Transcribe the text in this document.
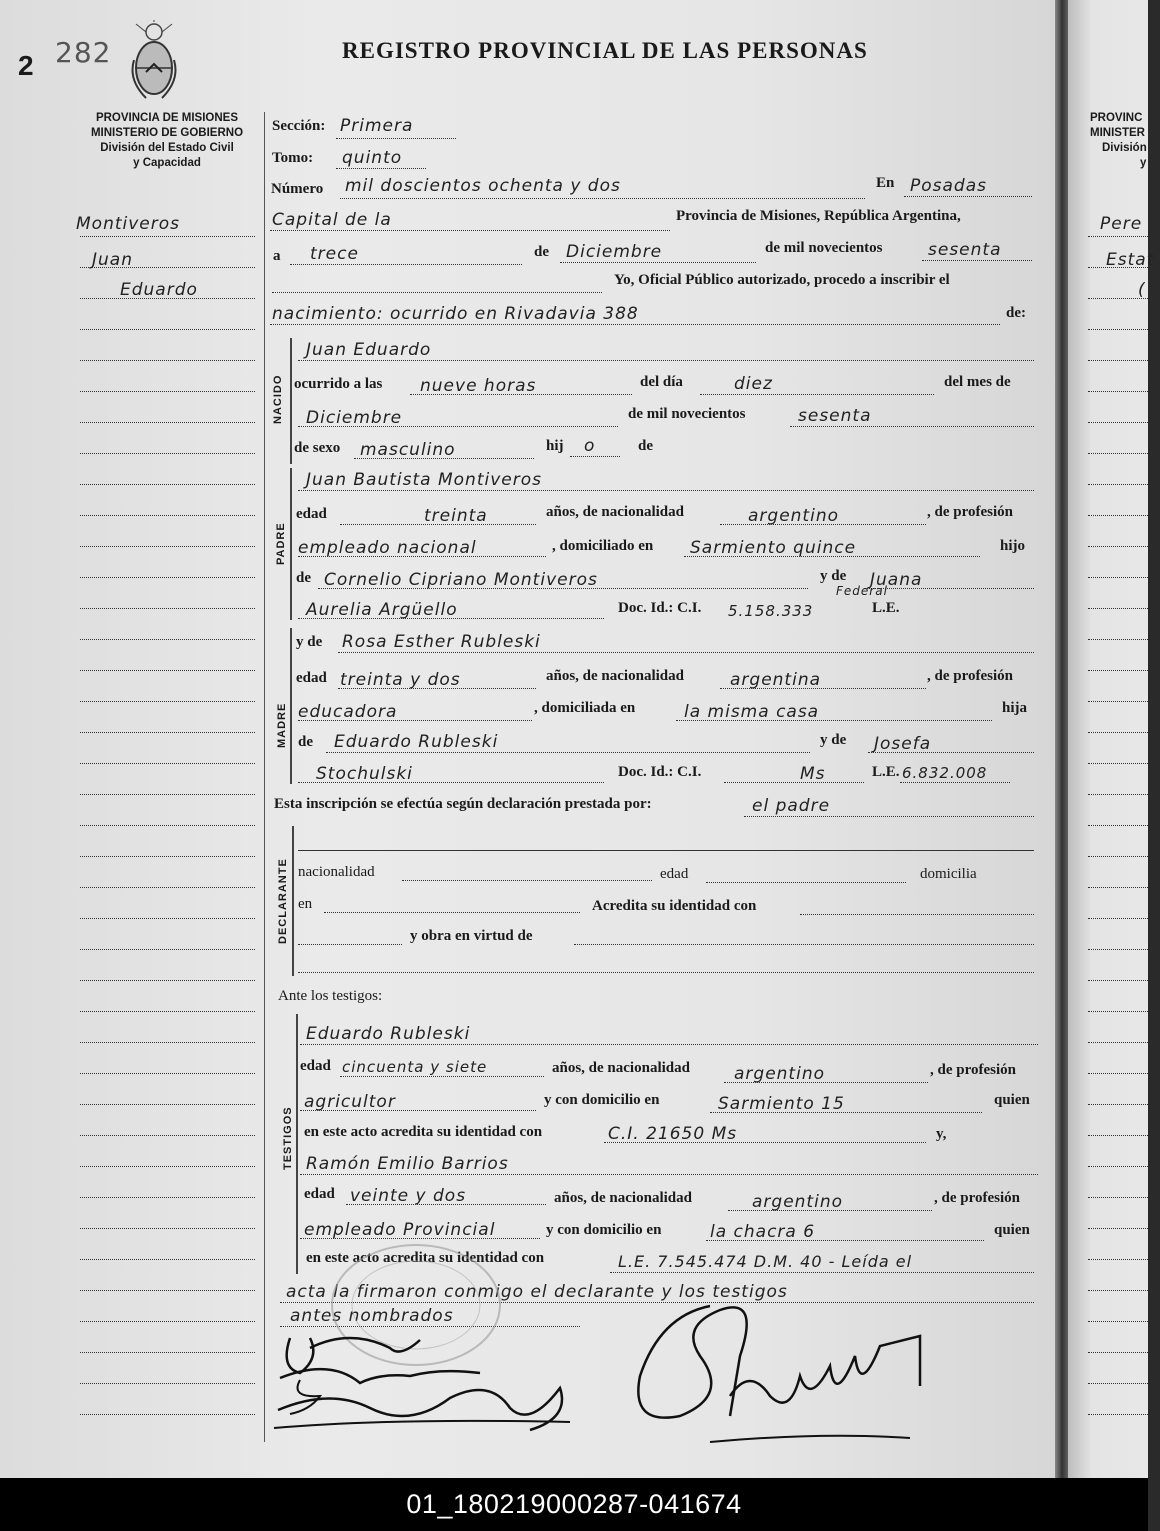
2 282	REGISTRO PROVINCIAL DE LAS PERSONAS
PROVINCIA DE MISIONES
MINISTERIO DE GOBIERNO
División del Estado Civil
y Capacidad
PROVINC
MINISTER
División
y
Montiveros
Juan
Eduardo
Pere
Estat
(
Sección: Primera
Tomo: quinto
Número mil doscientos ochenta y dos	En Posadas
Capital de la	Provincia de Misiones, República Argentina,
a trece	de Diciembre	de mil novecientos	sesenta
Yo, Oficial Público autorizado, procedo a inscribir el
nacimiento: ocurrido en Rivadavia 388	de:
NACIDO
Juan Eduardo
ocurrido a las nueve horas	del día	diez	del mes de
Diciembre	de mil novecientos	sesenta
de sexo masculino	hij o	de
PADRE
Juan Bautista Montiveros
edad	treinta	años, de nacionalidad	argentino	, de profesión
empleado nacional	, domiciliado en Sarmiento quince	hijo
de Cornelio Cipriano Montiveros	y de Juana
Aurelia Argüello	Doc. Id.: C.I. 5.158.333
Federal
L.E.
MADRE
y de Rosa Esther Rubleski
edad treinta y dos	años, de nacionalidad	argentina	, de profesión
educadora	, domiciliada en	la misma casa	hija
de Eduardo Rubleski	y de Josefa
Stochulski	Doc. Id.: C.I.	Ms	L.E. 6.832.008
Esta inscripción se efectúa según declaración prestada por:	el padre
DECLARANTE nacionalidad	edad	domicilia
en	Acredita su identidad con
y obra en virtud de
Ante los testigos:
TESTIGOS
Eduardo Rubleski
edad cincuenta y siete	años, de nacionalidad	argentino	, de profesión
agricultor	y con domicilio en	Sarmiento 15	quien
en este acto acredita su identidad con	C.I. 21650 Ms	y,
Ramón Emilio Barrios
edad veinte y dos	años, de nacionalidad	argentino	, de profesión
empleado Provincial	y con domicilio en	la chacra 6	quien
en este acto acredita su identidad con	L.E. 7.545.474 D.M. 40 - Leída el
acta la firmaron conmigo el declarante y los testigos
antes nombrados
01_180219000287-041674
